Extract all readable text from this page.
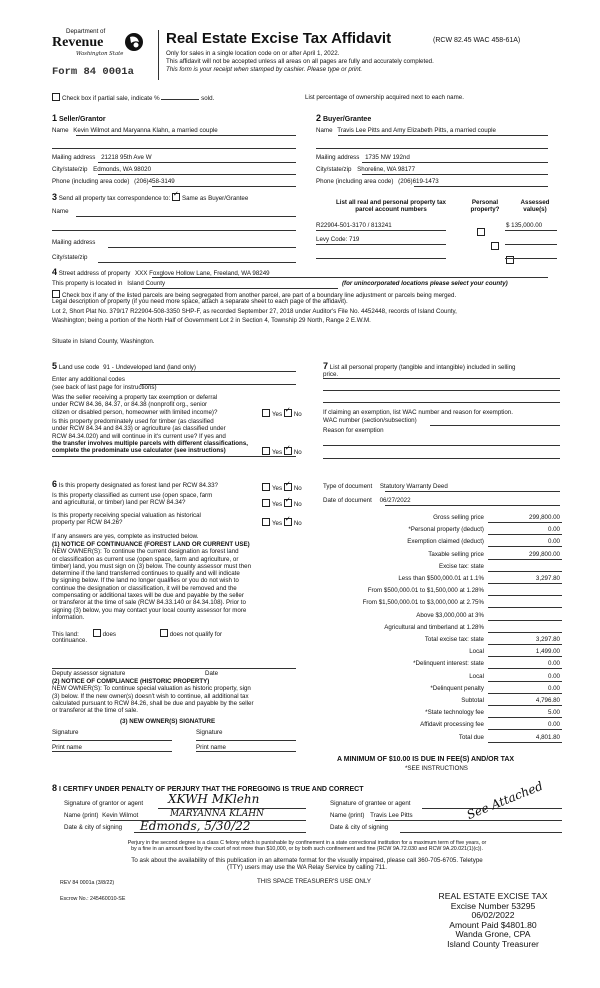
Department of
Revenue
Washington State
Form 84 0001a
Real Estate Excise Tax Affidavit	(RCW 82.45 WAC 458-61A)
Only for sales in a single location code on or after April 1, 2022.
This affidavit will not be accepted unless all areas on all pages are fully and accurately completed.
This form is your receipt when stamped by cashier. Please type or print.
Check box if partial sale, indicate %	sold.	List percentage of ownership acquired next to each name.
1 Seller/Grantor
Name Kevin Wilmot and Maryanna Klahn, a married couple
Mailing address 21218 95th Ave W
City/state/zip Edmonds, WA 98020
Phone (including area code) (206)458-3149
2 Buyer/Grantee
Name Travis Lee Pitts and Amy Elizabeth Pitts, a married couple
Mailing address 1735 NW 192nd
City/state/zip Shoreline, WA 98177
Phone (including area code) (206)619-1473
3 Send all property tax correspondence to: ✓ Same as Buyer/Grantee
Name
Mailing address
City/state/zip
List all real and personal property tax
parcel account numbers
Personal
property?
Assessed
value(s)
R22904-501-3170 / 813241
	$ 135,000.00
Levy Code: 719

4 Street address of property XXX Foxglove Hollow Lane, Freeland, WA 98249
This property is located in Island County	(for unincorporated locations please select your county)
Check box if any of the listed parcels are being segregated from another parcel, are part of a boundary line adjustment or parcels being merged.
Legal description of property (if you need more space, attach a separate sheet to each page of the affidavit).
Lot 2, Short Plat No. 379/17 R22904-508-3350 SHP-F, as recorded September 27, 2018 under Auditor's File No. 4452448, records of Island County,
Washington; being a portion of the North Half of Government Lot 2 in Section 4, Township 29 North, Range 2 E.W.M.
Situate in Island County, Washington.
5 Land use code 91 - Undeveloped land (land only)
Enter any additional codes
(see back of last page for instructions)
Was the seller receiving a property tax exemption or deferral
under RCW 84.36, 84.37, or 84.38 (nonprofit org., senior
citizen or disabled person, homeowner with limited income)?	Yes ✓ No
Is this property predominately used for timber (as classified
under RCW 84.34 and 84.33) or agriculture (as classified under
RCW 84.34.020) and will continue in it's current use? If yes and
the transfer involves multiple parcels with different classifications,
complete the predominate use calculator (see instructions)	Yes ✓ No
7 List all personal property (tangible and intangible) included in selling
price.
If claiming an exemption, list WAC number and reason for exemption.
WAC number (section/subsection)
Reason for exemption
6 Is this property designated as forest land per RCW 84.33?	Yes ✓ No
Is this property classified as current use (open space, farm
and agricultural, or timber) land per RCW 84.34?	Yes ✓ No
Is this property receiving special valuation as historical
property per RCW 84.26?	Yes ✓ No
If any answers are yes, complete as instructed below.
(1) NOTICE OF CONTINUANCE (FOREST LAND OR CURRENT USE)
NEW OWNER(S): To continue the current designation as forest land
or classification as current use (open space, farm and agriculture, or
timber) land, you must sign on (3) below. The county assessor must then
determine if the land transferred continues to qualify and will indicate
by signing below. If the land no longer qualifies or you do not wish to
continue the designation or classification, it will be removed and the
compensating or additional taxes will be due and payable by the seller
or transferor at the time of sale (RCW 84.33.140 or 84.34.108). Prior to
signing (3) below, you may contact your local county assessor for more
information.
This land:	does	does not qualify for
continuance.
Deputy assessor signature	Date
(2) NOTICE OF COMPLIANCE (HISTORIC PROPERTY)
NEW OWNER(S): To continue special valuation as historic property, sign
(3) below. If the new owner(s) doesn't wish to continue, all additional tax
calculated pursuant to RCW 84.26, shall be due and payable by the seller
or transferor at the time of sale.
(3) NEW OWNER(S) SIGNATURE
Signature	Signature
Print name	Print name
Type of document Statutory Warranty Deed
Date of document 06/27/2022
Gross selling price	299,800.00
*Personal property (deduct)	0.00
Exemption claimed (deduct)	0.00
Taxable selling price	299,800.00
Excise tax: state
Less than $500,000.01 at 1.1%	3,297.80
From $500,000.01 to $1,500,000 at 1.28%
From $1,500,000.01 to $3,000,000 at 2.75%
Above $3,000,000 at 3%
Agricultural and timberland at 1.28%
Total excise tax: state	3,297.80
Local	1,499.00
*Delinquent interest: state	0.00
Local	0.00
*Delinquent penalty	0.00
Subtotal	4,796.80
*State technology fee	5.00
Affidavit processing fee	0.00
Total due	4,801.80
A MINIMUM OF $10.00 IS DUE IN FEE(S) AND/OR TAX
*SEE INSTRUCTIONS
8 I CERTIFY UNDER PENALTY OF PERJURY THAT THE FOREGOING IS TRUE AND CORRECT
Signature of grantor or agent XKWH MKlehn
Name (print) Kevin Wilmot	MARYANNA KLAHN
Date & city of signing Edmonds, 5/30/22
Signature of grantee or agent
Name (print) Travis Lee Pitts
Date & city of signing
See Attached
Perjury in the second degree is a class C felony which is punishable by confinement in a state correctional institution for a maximum term of five years, or
by a fine in an amount fixed by the court of not more than $10,000, or by both such confinement and fine (RCW 9A.72.030 and RCW 9A.20.021(1)(c)).
To ask about the availability of this publication in an alternate format for the visually impaired, please call 360-705-6705. Teletype
(TTY) users may use the WA Relay Service by calling 711.
REV 84 0001a (3/8/22)	THIS SPACE TREASURER'S USE ONLY
Escrow No.: 245460010-SE	REAL ESTATE EXCISE TAX
Excise Number 53295
06/02/2022
Amount Paid $4801.80
Wanda Grone, CPA
Island County Treasurer
